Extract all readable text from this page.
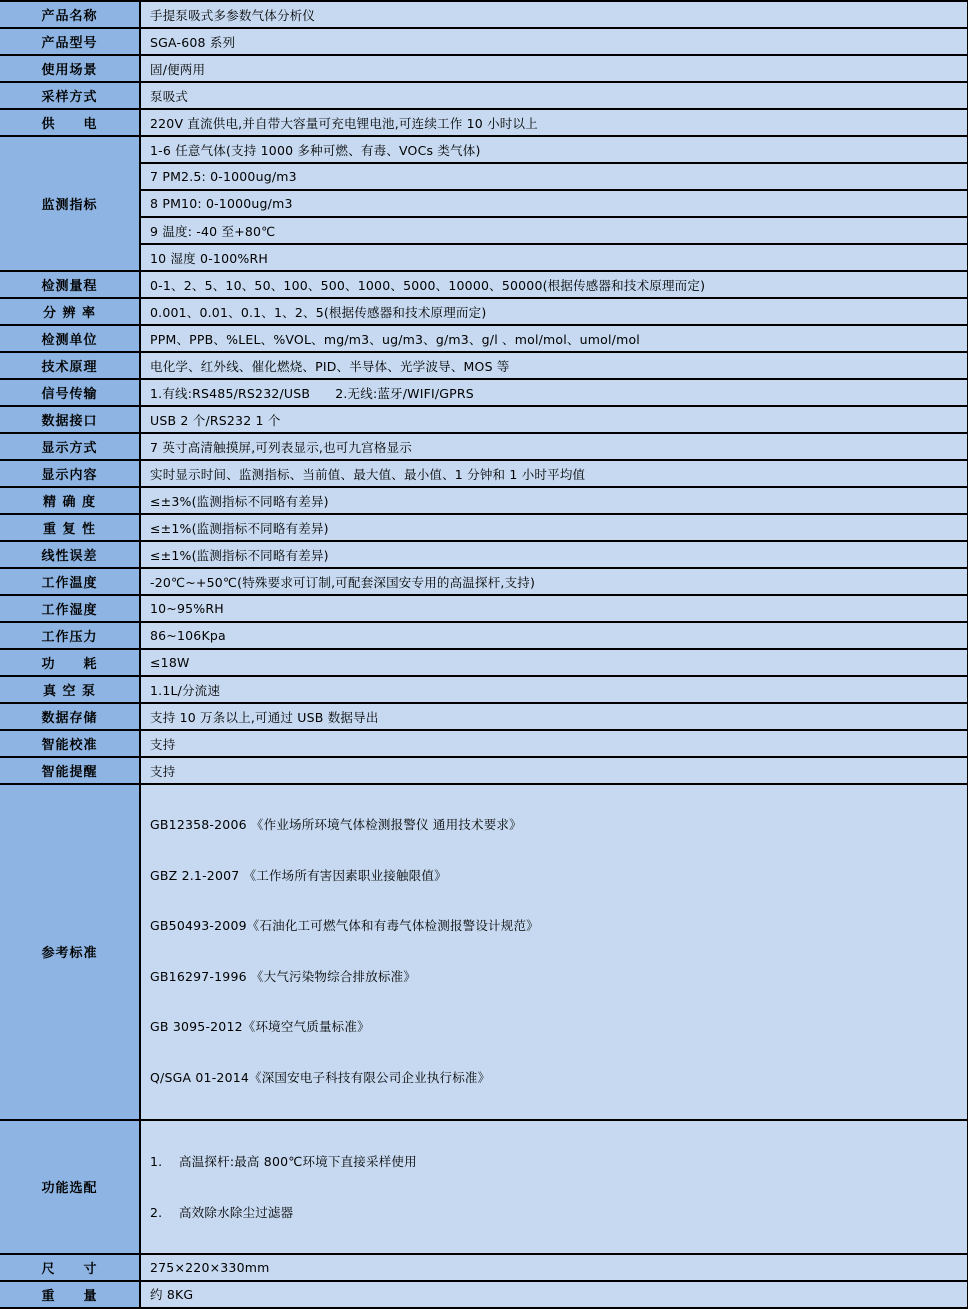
产品名称	手提泵吸式多参数气体分析仪
产品型号	SGA-608 系列
使用场景	固/便两用
采样方式	泵吸式
供　　电	220V 直流供电,并自带大容量可充电锂电池,可连续工作 10 小时以上
监测指标	1-6 任意气体(支持 1000 多种可燃、有毒、VOCs 类气体)
	7 PM2.5: 0-1000ug/m3
	8 PM10: 0-1000ug/m3
	9 温度: -40 至+80℃
	10 湿度 0-100%RH
检测量程	0-1、2、5、10、50、100、500、1000、5000、10000、50000(根据传感器和技术原理而定)
分 辨 率	0.001、0.01、0.1、1、2、5(根据传感器和技术原理而定)
检测单位	PPM、PPB、%LEL、%VOL、mg/m3、ug/m3、g/m3、g/l 、mol/mol、umol/mol
技术原理	电化学、红外线、催化燃烧、PID、半导体、光学波导、MOS 等
信号传输	1.有线:RS485/RS232/USB      2.无线:蓝牙/WIFI/GPRS
数据接口	USB 2 个/RS232 1 个
显示方式	7 英寸高清触摸屏,可列表显示,也可九宫格显示
显示内容	实时显示时间、监测指标、当前值、最大值、最小值、1 分钟和 1 小时平均值
精 确 度	≤±3%(监测指标不同略有差异)
重 复 性	≤±1%(监测指标不同略有差异)
线性误差	≤±1%(监测指标不同略有差异)
工作温度	-20℃~+50℃(特殊要求可订制,可配套深国安专用的高温探杆,支持)
工作湿度	10~95%RH
工作压力	86~106Kpa
功　　耗	≤18W
真 空 泵	1.1L/分流速
数据存储	支持 10 万条以上,可通过 USB 数据导出
智能校准	支持
智能提醒	支持
参考标准	

GB12358-2006 《作业场所环境气体检测报警仪 通用技术要求》

GBZ 2.1-2007 《工作场所有害因素职业接触限值》

GB50493-2009《石油化工可燃气体和有毒气体检测报警设计规范》

GB16297-1996 《大气污染物综合排放标准》

GB 3095-2012《环境空气质量标准》

Q/SGA 01-2014《深国安电子科技有限公司企业执行标准》

功能选配	1.    高温探杆:最高 800℃环境下直接采样使用

2.    高效除水除尘过滤器

尺　　寸	275×220×330mm
重　　量	约 8KG
